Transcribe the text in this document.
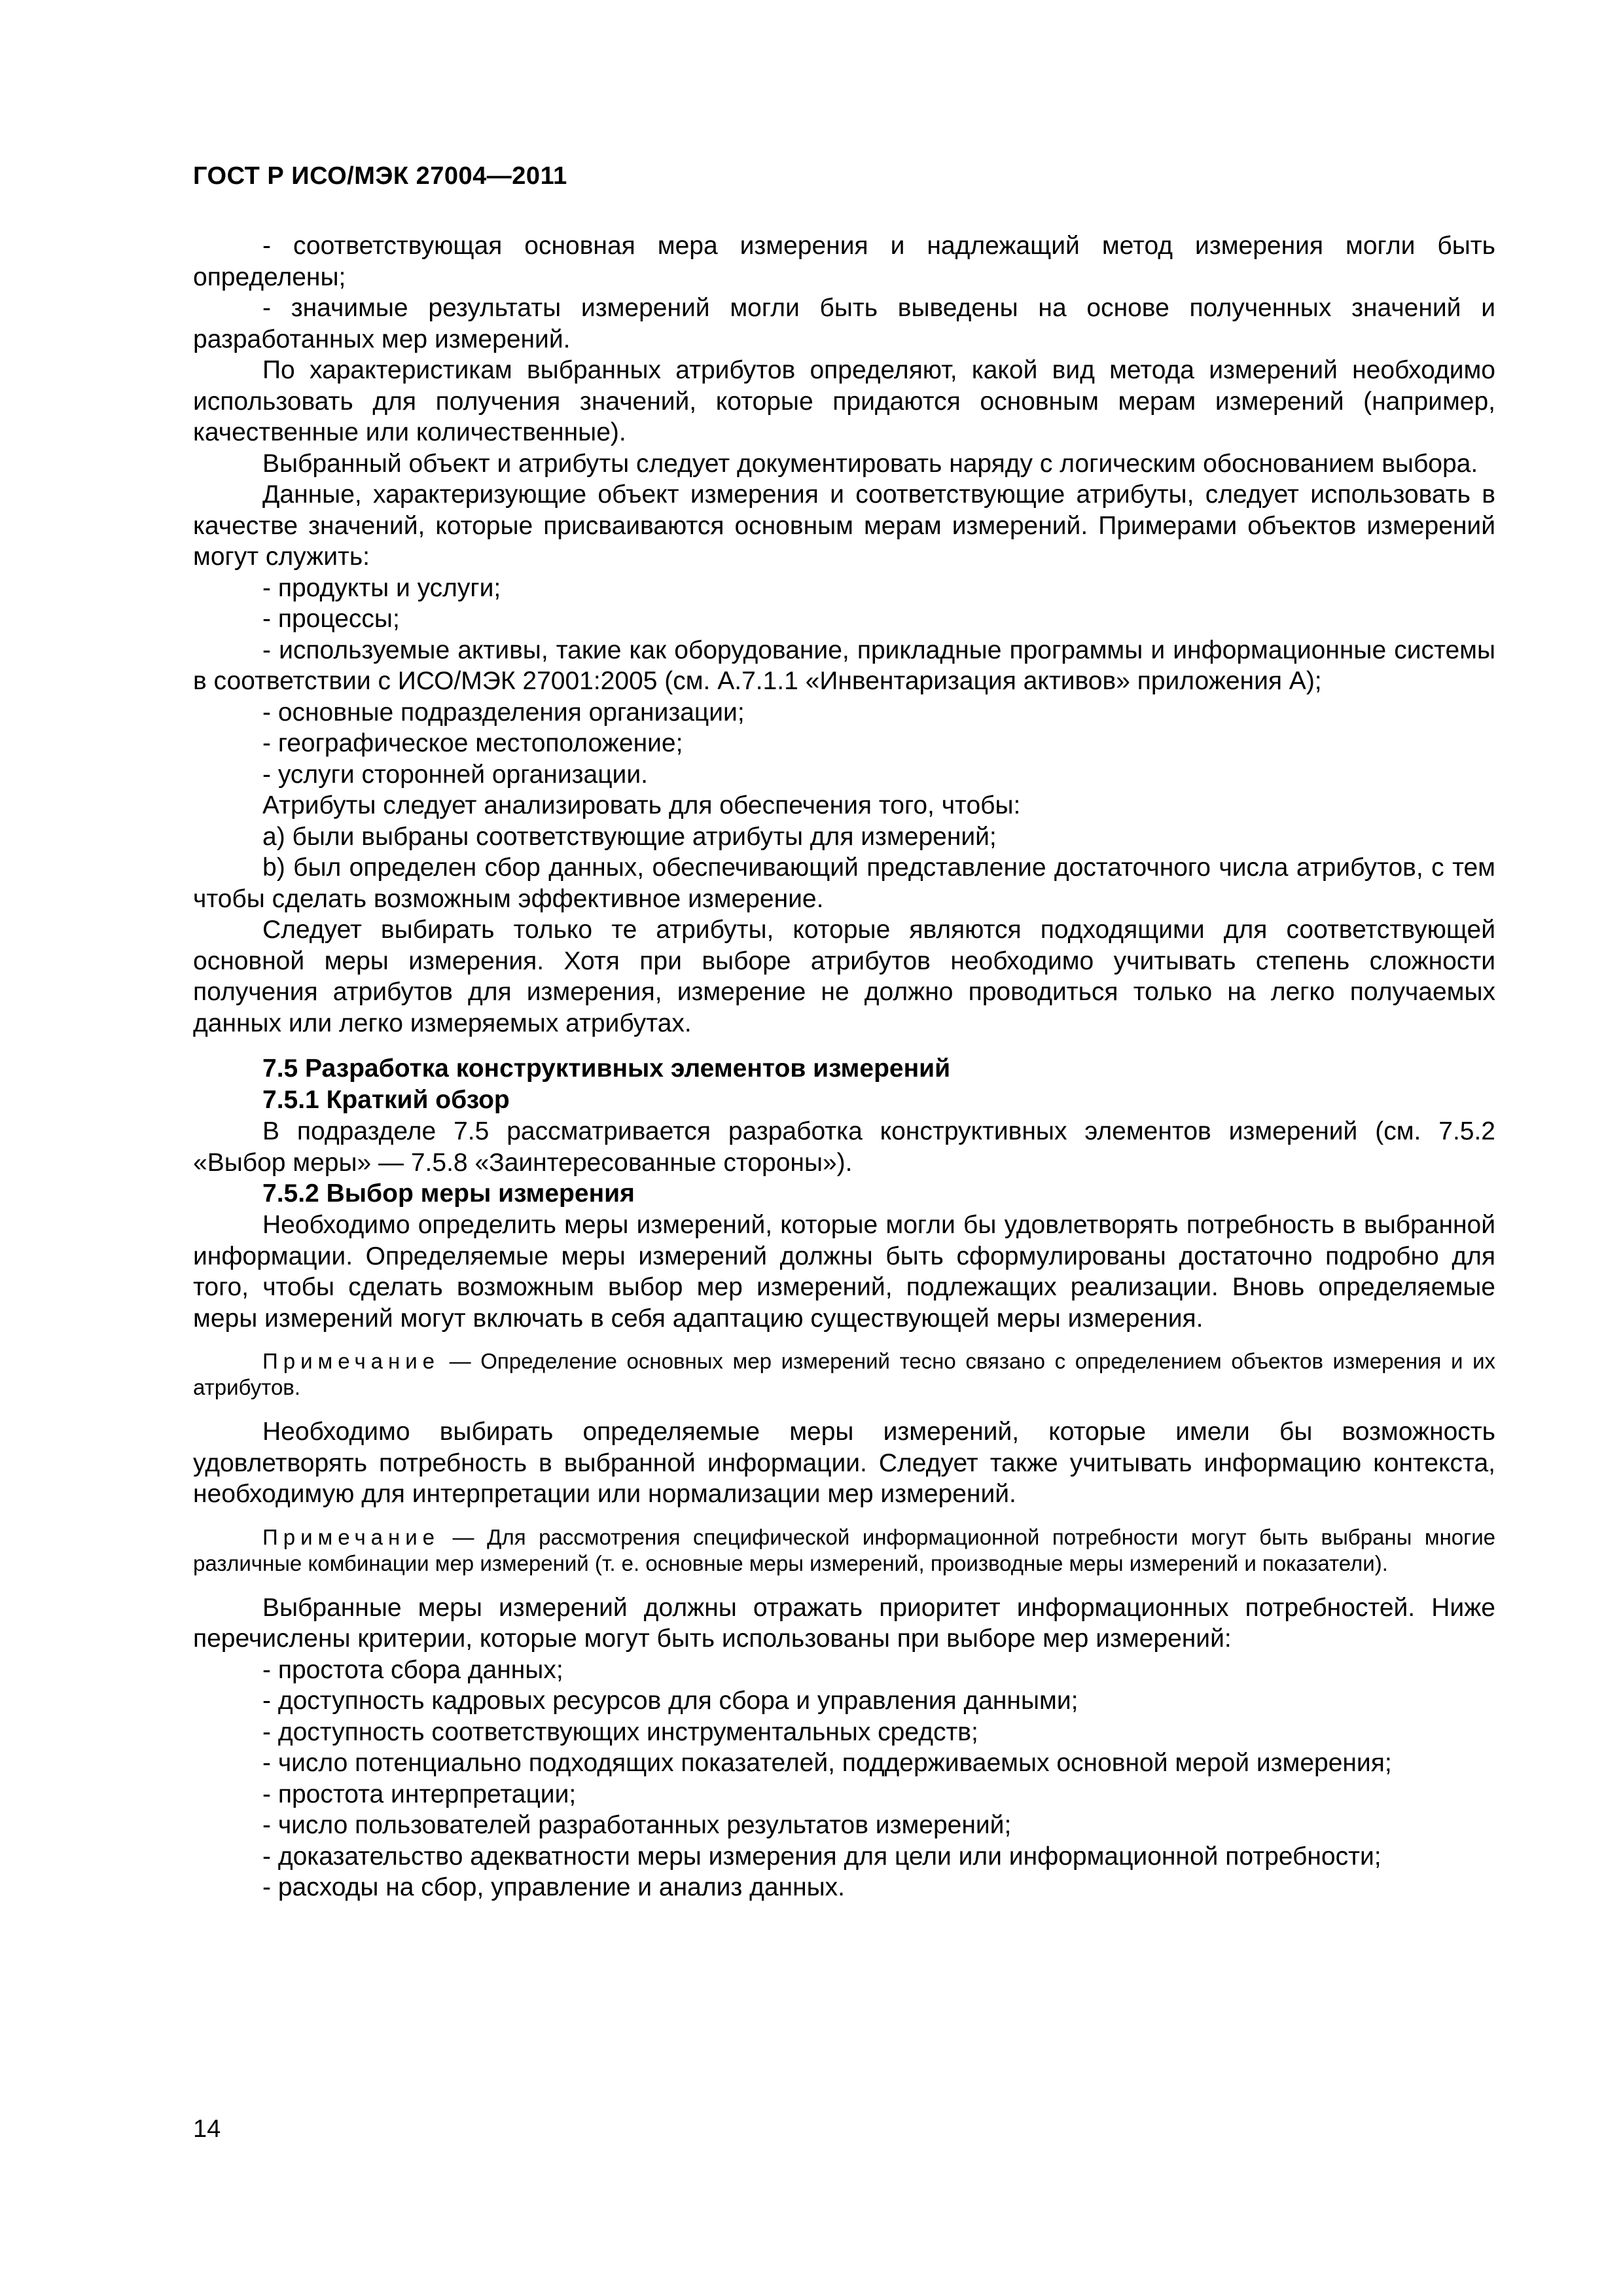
ГОСТ Р ИСО/МЭК 27004—2011

- соответствующая основная мера измерения и надлежащий метод измерения могли быть определены;

- значимые результаты измерений могли быть выведены на основе полученных значений и разработанных мер измерений.

По характеристикам выбранных атрибутов определяют, какой вид метода измерений необходимо использовать для получения значений, которые придаются основным мерам измерений (например, качественные или количественные).

Выбранный объект и атрибуты следует документировать наряду с логическим обоснованием выбора.

Данные, характеризующие объект измерения и соответствующие атрибуты, следует использовать в качестве значений, которые присваиваются основным мерам измерений. Примерами объектов измерений могут служить:

- продукты и услуги;

- процессы;

- используемые активы, такие как оборудование, прикладные программы и информационные системы в соответствии с ИСО/МЭК 27001:2005 (см. А.7.1.1 «Инвентаризация активов» приложения А);

- основные подразделения организации;

- географическое местоположение;

- услуги сторонней организации.

Атрибуты следует анализировать для обеспечения того, чтобы:

a) были выбраны соответствующие атрибуты для измерений;

b) был определен сбор данных, обеспечивающий представление достаточного числа атрибутов, с тем чтобы сделать возможным эффективное измерение.

Следует выбирать только те атрибуты, которые являются подходящими для соответствующей основной меры измерения. Хотя при выборе атрибутов необходимо учитывать степень сложности получения атрибутов для измерения, измерение не должно проводиться только на легко получаемых данных или легко измеряемых атрибутах.

7.5 Разработка конструктивных элементов измерений
7.5.1 Краткий обзор

В подразделе 7.5 рассматривается разработка конструктивных элементов измерений (см. 7.5.2 «Выбор меры» — 7.5.8 «Заинтересованные стороны»).

7.5.2 Выбор меры измерения

Необходимо определить меры измерений, которые могли бы удовлетворять потребность в выбранной информации. Определяемые меры измерений должны быть сформулированы достаточно подробно для того, чтобы сделать возможным выбор мер измерений, подлежащих реализации. Вновь определяемые меры измерений могут включать в себя адаптацию существующей меры измерения.

Примечание — Определение основных мер измерений тесно связано с определением объектов измерения и их атрибутов.

Необходимо выбирать определяемые меры измерений, которые имели бы возможность удовлетворять потребность в выбранной информации. Следует также учитывать информацию контекста, необходимую для интерпретации или нормализации мер измерений.

Примечание — Для рассмотрения специфической информационной потребности могут быть выбраны многие различные комбинации мер измерений (т. е. основные меры измерений, производные меры измерений и показатели).

Выбранные меры измерений должны отражать приоритет информационных потребностей. Ниже перечислены критерии, которые могут быть использованы при выборе мер измерений:

- простота сбора данных;

- доступность кадровых ресурсов для сбора и управления данными;

- доступность соответствующих инструментальных средств;

- число потенциально подходящих показателей, поддерживаемых основной мерой измерения;

- простота интерпретации;

- число пользователей разработанных результатов измерений;

- доказательство адекватности меры измерения для цели или информационной потребности;

- расходы на сбор, управление и анализ данных.

14
